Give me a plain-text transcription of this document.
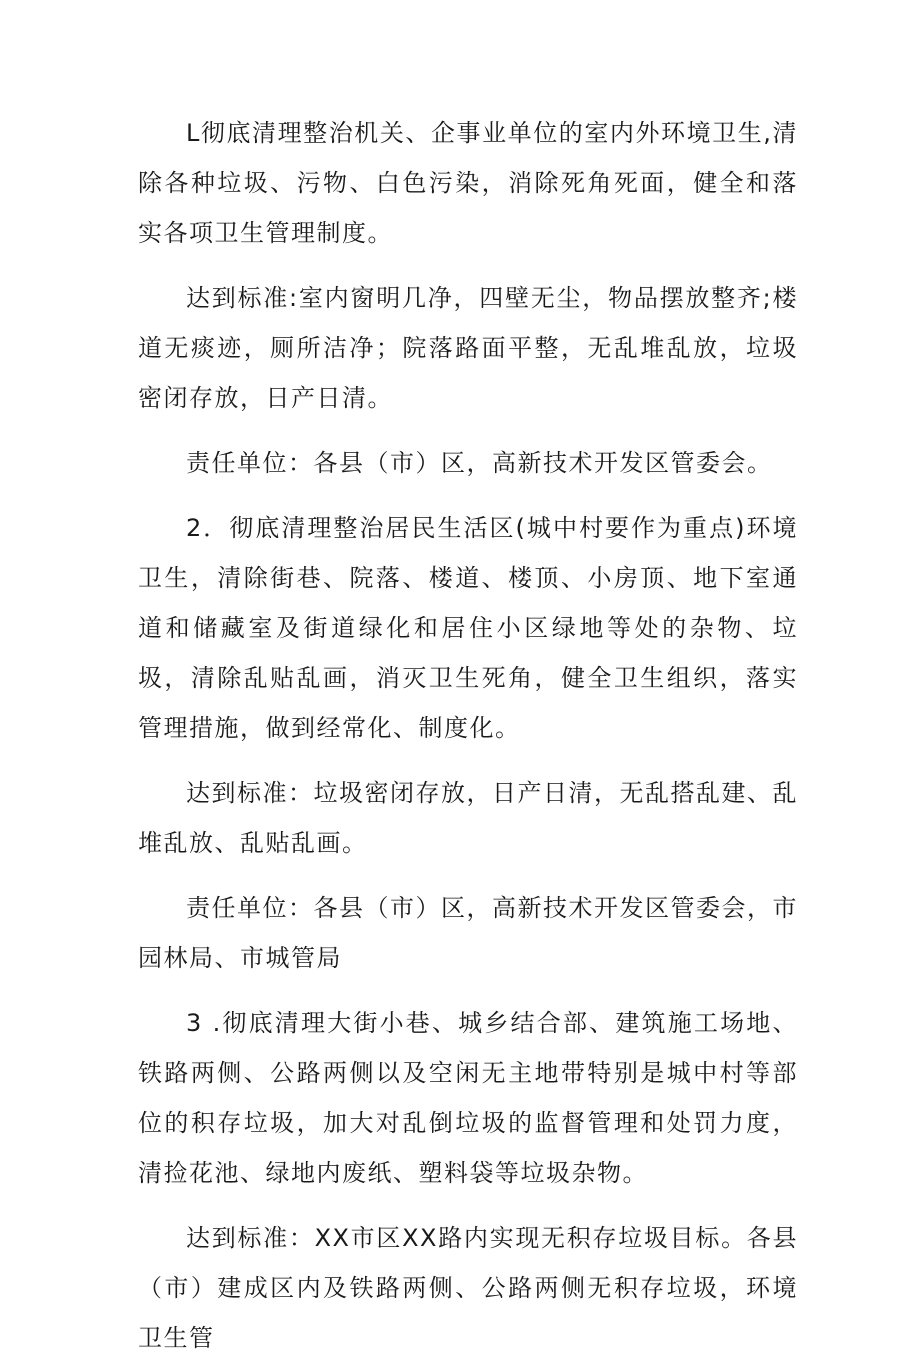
L彻底清理整治机关、企事业单位的室内外环境卫生,清除各种垃圾、污物、白色污染，消除死角死面，健全和落实各项卫生管理制度。

达到标准:室内窗明几净，四壁无尘，物品摆放整齐;楼道无痰迹，厕所洁净；院落路面平整，无乱堆乱放，垃圾密闭存放，日产日清。

责任单位：各县（市）区，高新技术开发区管委会。

2．彻底清理整治居民生活区(城中村要作为重点)环境卫生，清除街巷、院落、楼道、楼顶、小房顶、地下室通道和储藏室及街道绿化和居住小区绿地等处的杂物、垃圾，清除乱贴乱画，消灭卫生死角，健全卫生组织，落实管理措施，做到经常化、制度化。

达到标准：垃圾密闭存放，日产日清，无乱搭乱建、乱堆乱放、乱贴乱画。

责任单位：各县（市）区，高新技术开发区管委会，市园林局、市城管局

3 .彻底清理大街小巷、城乡结合部、建筑施工场地、铁路两侧、公路两侧以及空闲无主地带特别是城中村等部位的积存垃圾，加大对乱倒垃圾的监督管理和处罚力度，清捡花池、绿地内废纸、塑料袋等垃圾杂物。

达到标准：XX市区XX路内实现无积存垃圾目标。各县（市）建成区内及铁路两侧、公路两侧无积存垃圾，环境卫生管
